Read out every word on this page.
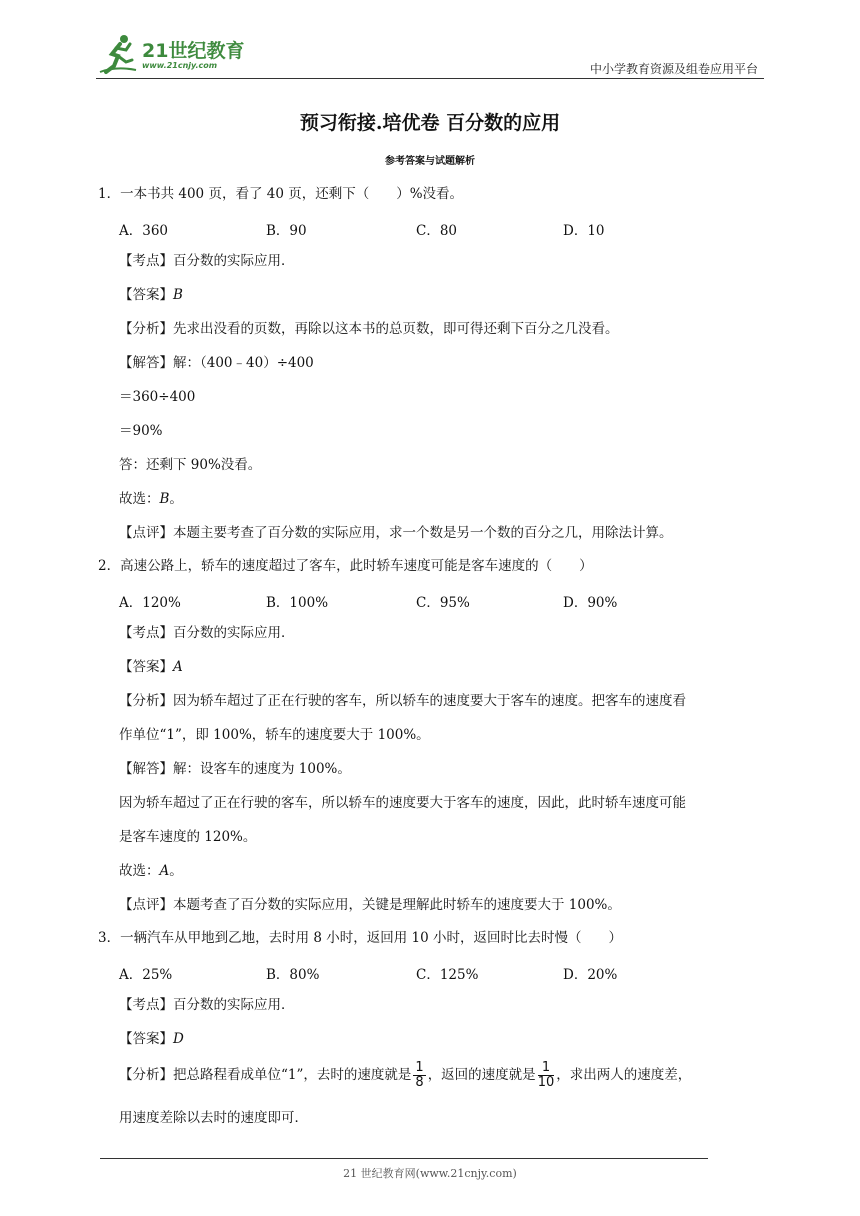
21世纪教育
www.21cnjy.com	中小学教育资源及组卷应用平台
预习衔接.培优卷 百分数的应用
参考答案与试题解析
1．一本书共 400 页，看了 40 页，还剩下（　　）%没看。
A．360	B．90	C．80	D．10
【考点】百分数的实际应用．
【答案】B
【分析】先求出没看的页数，再除以这本书的总页数，即可得还剩下百分之几没看。
【解答】解：（400﹣40）÷400
＝360÷400
＝90%
答：还剩下 90%没看。
故选：B。
【点评】本题主要考查了百分数的实际应用，求一个数是另一个数的百分之几，用除法计算。
2．高速公路上，轿车的速度超过了客车，此时轿车速度可能是客车速度的（　　）
A．120%	B．100%	C．95%	D．90%
【考点】百分数的实际应用．
【答案】A
【分析】因为轿车超过了正在行驶的客车，所以轿车的速度要大于客车的速度。把客车的速度看
作单位“1”，即 100%，轿车的速度要大于 100%。
【解答】解：设客车的速度为 100%。
因为轿车超过了正在行驶的客车，所以轿车的速度要大于客车的速度，因此，此时轿车速度可能
是客车速度的 120%。
故选：A。
【点评】本题考查了百分数的实际应用，关键是理解此时轿车的速度要大于 100%。
3．一辆汽车从甲地到乙地，去时用 8 小时，返回用 10 小时，返回时比去时慢（　　）
A．25%	B．80%	C．125%	D．20%
【考点】百分数的实际应用．
【答案】D
【分析】把总路程看成单位“1”，去时的速度就是 $\frac{1}{8}$ ，返回的速度就是 $\frac{1}{10}$ ，求出两人的速度差，
用速度差除以去时的速度即可．
21 世纪教育网(www.21cnjy.com)
